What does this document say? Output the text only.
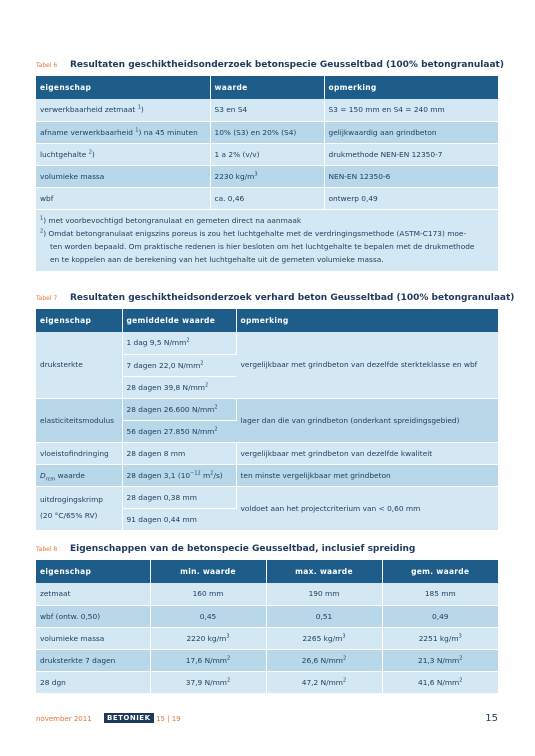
Tabel 6	Resultaten geschiktheidsonderzoek betonspecie Geusseltbad (100% betongranulaat)
eigenschap	waarde	opmerking
verwerkbaarheid zetmaat $^1$)	S3 en S4	S3 = 150 mm en S4 = 240 mm
afname verwerkbaarheid $^1$) na 45 minuten	10% (S3) en 20% (S4)	gelijkwaardig aan grindbeton
luchtgehalte $^2$)	1 a 2% (v/v)	drukmethode NEN-EN 12350-7
volumieke massa	2230 $kg/m^3$	NEN-EN 12350-6
wbf	ca. 0,46	ontwerp 0,49

$^1$) met voorbevochtigd betongranulaat en gemeten direct na aanmaak
$^2$) Omdat betongranulaat enigszins poreus is zou het luchtgehalte met de verdringingsmethode (ASTM-C173) moe-
ten worden bepaald. Om praktische redenen is hier besloten om het luchtgehalte te bepalen met de drukmethode
en te koppelen aan de berekening van het luchtgehalte uit de gemeten volumieke massa.		
Tabel 7	Resultaten geschiktheidsonderzoek verhard beton Geusseltbad (100% betongranulaat)
eigenschap	gemiddelde waarde	opmerking
druksterkte	1 dag 9,5 $N/mm^2$	vergelijkbaar met grindbeton van dezelfde sterkteklasse en wbf
	7 dagen 22,0 $N/mm^2$
	28 dagen 39,8 $N/mm^2$
elasticiteitsmodulus	28 dagen 26.600 $N/mm^2$	lager dan die van grindbeton (onderkant spreidingsgebied)
	56 dagen 27.850 $N/mm^2$
vloeistofindringing	28 dagen 8 mm	vergelijkbaar met grindbeton van dezelfde kwaliteit
$D_{rcm}$ waarde	28 dagen 3,1 ($10^{-12}$ $m^2/s$)	ten minste vergelijkbaar met grindbeton

uitdrogingskrimp
(20 °C/65% RV)	28 dagen 0,38 mm	voldoet aan het projectcriterium van < 0,60 mm
	91 dagen 0,44 mm	
Tabel 8	Eigenschappen van de betonspecie Geusseltbad, inclusief spreiding
eigenschap	min. waarde	max. waarde	gem. waarde
zetmaat	160 mm	190 mm	185 mm
wbf (ontw. 0,50)	0,45	0,51	0,49
volumieke massa	2220 $kg/m^3$	2265 $kg/m^3$	2251 $kg/m^3$
druksterkte 7 dagen	17,6 $N/mm^2$	26,6 $N/mm^2$	21,3 $N/mm^2$
28 dgn	37,9 $N/mm^2$	47,2 $N/mm^2$	41,6 $N/mm^2$
november 2011	BETONIEK 15 | 19	15
